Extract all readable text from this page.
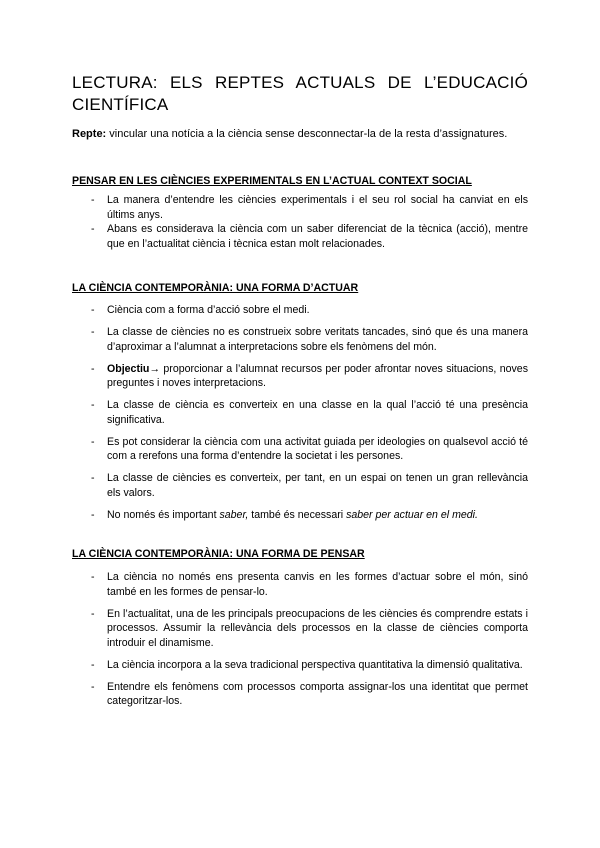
LECTURA: ELS REPTES ACTUALS DE L’EDUCACIÓ CIENTÍFICA
Repte: vincular una notícia a la ciència sense desconnectar-la de la resta d’assignatures.
PENSAR EN LES CIÈNCIES EXPERIMENTALS EN L’ACTUAL CONTEXT SOCIAL
- La manera d’entendre les ciències experimentals i el seu rol social ha canviat en els últims anys.
- Abans es considerava la ciència com un saber diferenciat de la tècnica (acció), mentre que en l’actualitat ciència i tècnica estan molt relacionades.
LA CIÈNCIA CONTEMPORÀNIA: UNA FORMA D’ACTUAR
- Ciència com a forma d’acció sobre el medi.
- La classe de ciències no es construeix sobre veritats tancades, sinó que és una manera d’aproximar a l’alumnat a interpretacions sobre els fenòmens del món.
- Objectiu→ proporcionar a l’alumnat recursos per poder afrontar noves situacions, noves preguntes i noves interpretacions.
- La classe de ciència es converteix en una classe en la qual l’acció té una presència significativa.
- Es pot considerar la ciència com una activitat guiada per ideologies on qualsevol acció té com a rerefons una forma d’entendre la societat i les persones.
- La classe de ciències es converteix, per tant, en un espai on tenen un gran rellevància els valors.
- No només és important saber, també és necessari saber per actuar en el medi.
LA CIÈNCIA CONTEMPORÀNIA: UNA FORMA DE PENSAR
- La ciència no només ens presenta canvis en les formes d’actuar sobre el món, sinó també en les formes de pensar-lo.
- En l’actualitat, una de les principals preocupacions de les ciències és comprendre estats i processos. Assumir la rellevància dels processos en la classe de ciències comporta introduir el dinamisme.
- La ciència incorpora a la seva tradicional perspectiva quantitativa la dimensió qualitativa.
- Entendre els fenòmens com processos comporta assignar-los una identitat que permet categoritzar-los.
